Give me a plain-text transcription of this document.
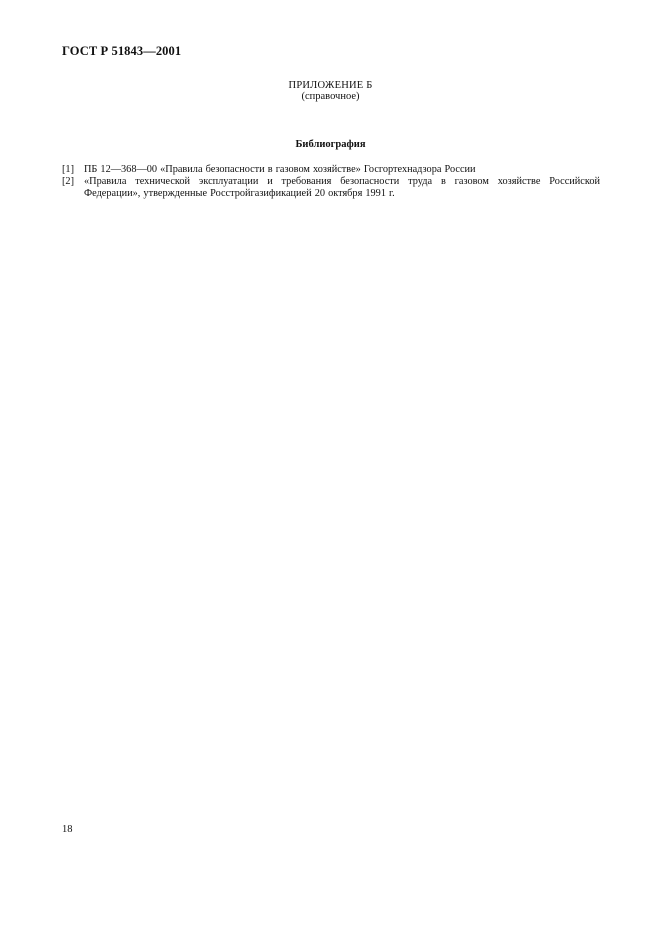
ГОСТ Р 51843—2001
ПРИЛОЖЕНИЕ Б
(справочное)
Библиография
[1] ПБ 12—368—00 «Правила безопасности в газовом хозяйстве» Госгортехнадзора России
[2] «Правила технической эксплуатации и требования безопасности труда в газовом хозяйстве Российской Федерации», утвержденные Росстройгазификацией 20 октября 1991 г.
18
